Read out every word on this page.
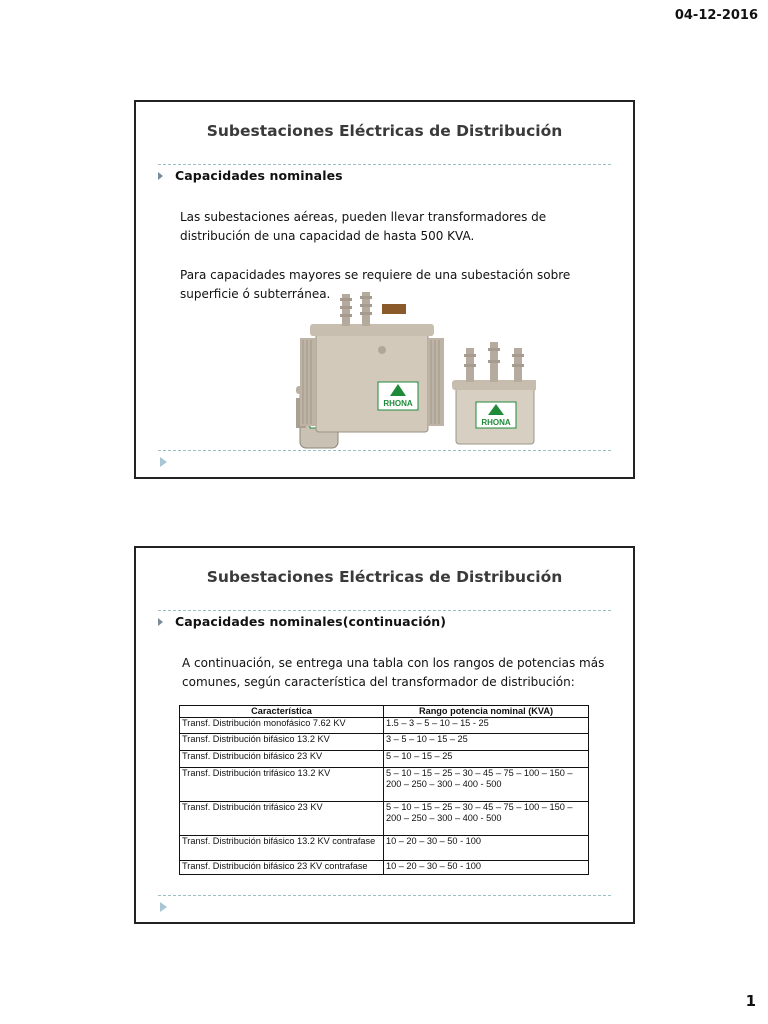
04-12-2016
Subestaciones Eléctricas de Distribución
Capacidades nominales
Las subestaciones aéreas, pueden llevar transformadores de distribución de una capacidad de hasta 500 KVA.
Para capacidades mayores se requiere de una subestación sobre superficie ó subterránea.
RHONA
RHONA
Subestaciones Eléctricas de Distribución
Capacidades nominales(continuación)
A continuación, se entrega una tabla con los rangos de potencias más comunes, según característica del transformador de distribución:
Característica	Rango potencia nominal (KVA)
Transf. Distribución monofásico 7.62 KV	1.5 – 3 – 5 – 10 – 15 - 25
Transf. Distribución bifásico 13.2 KV	3 – 5 – 10 – 15 – 25
Transf. Distribución bifásico 23 KV	5 – 10 – 15 – 25
Transf. Distribución trifásico 13.2 KV	5 – 10 – 15 – 25 – 30 – 45 – 75 – 100 – 150 – 200 – 250 – 300 – 400 - 500
Transf. Distribución trifásico 23 KV	5 – 10 – 15 – 25 – 30 – 45 – 75 – 100 – 150 – 200 – 250 – 300 – 400 - 500
Transf. Distribución bifásico 13.2 KV contrafase	10 – 20 – 30 – 50 - 100
Transf. Distribución bifásico 23 KV contrafase	10 – 20 – 30 – 50 - 100
1
